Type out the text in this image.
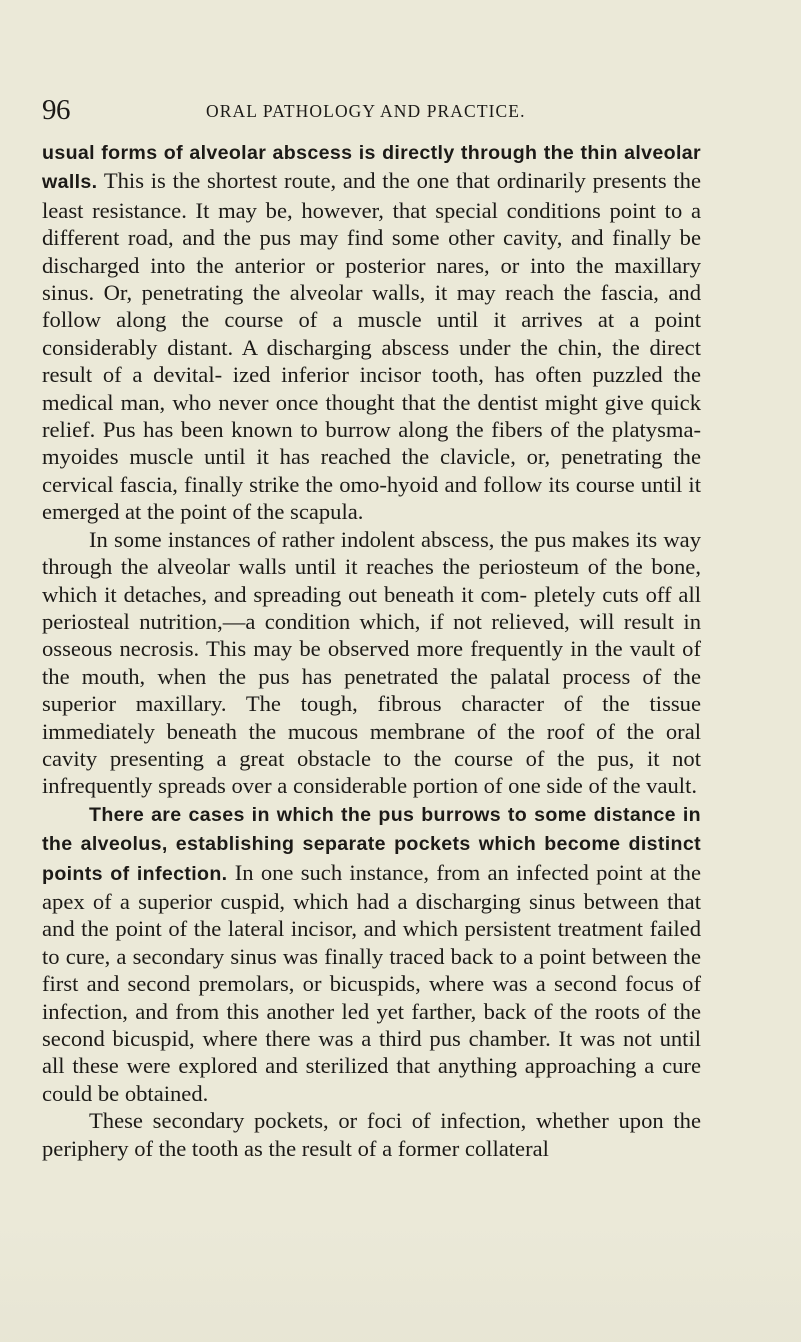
96	ORAL PATHOLOGY AND PRACTICE.

usual forms of alveolar abscess is directly through the thin alveolar walls. This is the shortest route, and the one that ordinarily presents the least resistance. It may be, however, that special conditions point to a different road, and the pus may find some other cavity, and finally be discharged into the anterior or posterior nares, or into the maxillary sinus. Or, penetrating the alveolar walls, it may reach the fascia, and follow along the course of a muscle until it arrives at a point considerably distant. A discharging abscess under the chin, the direct result of a devital- ized inferior incisor tooth, has often puzzled the medical man, who never once thought that the dentist might give quick relief. Pus has been known to burrow along the fibers of the platysma- myoides muscle until it has reached the clavicle, or, penetrating the cervical fascia, finally strike the omo-hyoid and follow its course until it emerged at the point of the scapula.

In some instances of rather indolent abscess, the pus makes its way through the alveolar walls until it reaches the periosteum of the bone, which it detaches, and spreading out beneath it com- pletely cuts off all periosteal nutrition,—a condition which, if not relieved, will result in osseous necrosis. This may be observed more frequently in the vault of the mouth, when the pus has penetrated the palatal process of the superior maxillary. The tough, fibrous character of the tissue immediately beneath the mucous membrane of the roof of the oral cavity presenting a great obstacle to the course of the pus, it not infrequently spreads over a considerable portion of one side of the vault.

There are cases in which the pus burrows to some distance in the alveolus, establishing separate pockets which become distinct points of infection. In one such instance, from an infected point at the apex of a superior cuspid, which had a discharging sinus between that and the point of the lateral incisor, and which persistent treatment failed to cure, a secondary sinus was finally traced back to a point between the first and second premolars, or bicuspids, where was a second focus of infection, and from this another led yet farther, back of the roots of the second bicuspid, where there was a third pus chamber. It was not until all these were explored and sterilized that anything approaching a cure could be obtained.

These secondary pockets, or foci of infection, whether upon the periphery of the tooth as the result of a former collateral
